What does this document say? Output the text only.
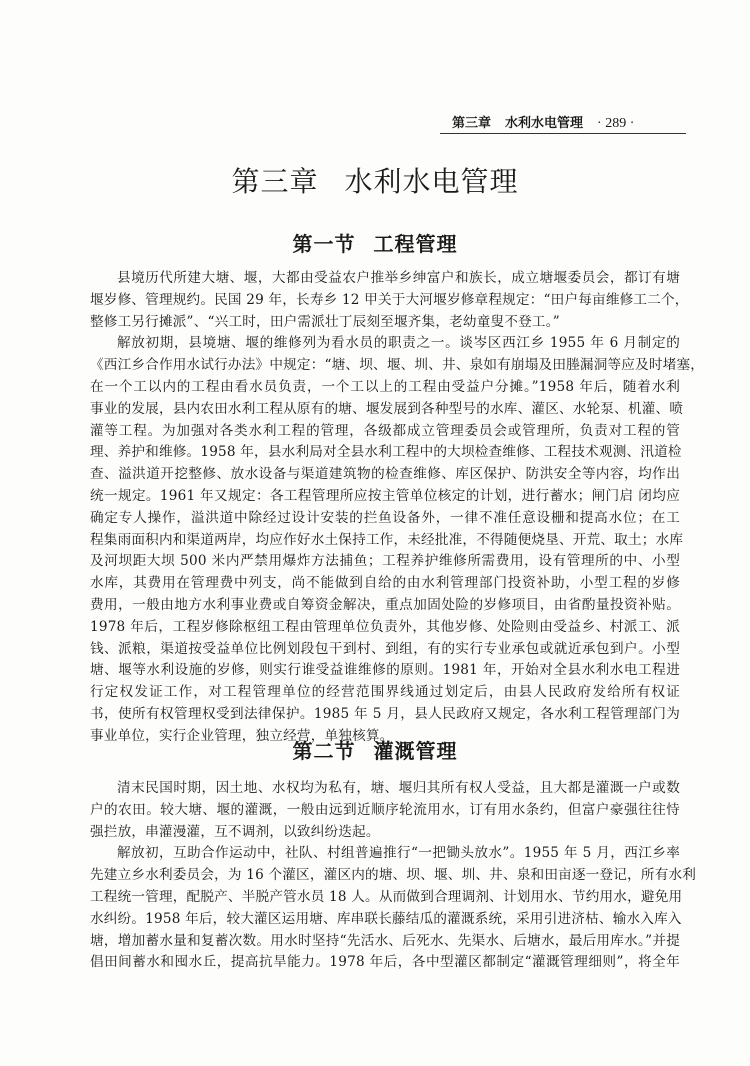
第三章 水利水电管理 · 289 ·
第三章 水利水电管理
第一节 工程管理
县境历代所建大塘、堰，大都由受益农户推举乡绅富户和族长，成立塘堰委员会，都订有塘
堰岁修、管理规约。民国 29 年，长寿乡 12 甲关于大河堰岁修章程规定：“田户每亩维修工二个，
整修工另行摊派”、“兴工时，田户需派壮丁辰刻至堰齐集，老幼童叟不登工。”
解放初期，县境塘、堰的维修列为看水员的职责之一。谈岑区西江乡 1955 年 6 月制定的
《西江乡合作用水试行办法》中规定：“塘、坝、堰、圳、井、泉如有崩塌及田塍漏洞等应及时堵塞，
在一个工以内的工程由看水员负责，一个工以上的工程由受益户分摊。”1958 年后，随着水利
事业的发展，县内农田水利工程从原有的塘、堰发展到各种型号的水库、灌区、水轮泵、机灌、喷
灌等工程。为加强对各类水利工程的管理，各级都成立管理委员会或管理所，负责对工程的管
理、养护和维修。1958 年，县水利局对全县水利工程中的大坝检查维修、工程技术观测、汛道检
查、溢洪道开挖整修、放水设备与渠道建筑物的检查维修、库区保护、防洪安全等内容，均作出
统一规定。1961 年又规定：各工程管理所应按主管单位核定的计划，进行蓄水；闸门启 闭均应
确定专人操作，溢洪道中除经过设计安装的拦鱼设备外，一律不准任意设栅和提高水位；在工
程集雨面积内和渠道两岸，均应作好水土保持工作，未经批准，不得随便烧垦、开荒、取土；水库
及河坝距大坝 500 米内严禁用爆炸方法捕鱼；工程养护维修所需费用，设有管理所的中、小型
水库，其费用在管理费中列支，尚不能做到自给的由水利管理部门投资补助，小型工程的岁修
费用，一般由地方水利事业费或自筹资金解决，重点加固处险的岁修项目，由省酌量投资补贴。
1978 年后，工程岁修除枢纽工程由管理单位负责外，其他岁修、处险则由受益乡、村派工、派
钱、派粮，渠道按受益单位比例划段包干到村、到组，有的实行专业承包或就近承包到户。小型
塘、堰等水利设施的岁修，则实行谁受益谁维修的原则。1981 年，开始对全县水利水电工程进
行定权发证工作，对工程管理单位的经营范围界线通过划定后，由县人民政府发给所有权证
书，使所有权管理权受到法律保护。1985 年 5 月，县人民政府又规定，各水利工程管理部门为
事业单位，实行企业管理，独立经营，单独核算。
第二节 灌溉管理
清末民国时期，因土地、水权均为私有，塘、堰归其所有权人受益，且大都是灌溉一户或数
户的农田。较大塘、堰的灌溉，一般由远到近顺序轮流用水，订有用水条约，但富户豪强往往恃
强拦放，串灌漫灌，互不调剂，以致纠纷迭起。
解放初，互助合作运动中，社队、村组普遍推行“一把锄头放水”。1955 年 5 月，西江乡率
先建立乡水利委员会，为 16 个灌区，灌区内的塘、坝、堰、圳、井、泉和田亩逐一登记，所有水利
工程统一管理，配脱产、半脱产管水员 18 人。从而做到合理调剂、计划用水、节约用水，避免用
水纠纷。1958 年后，较大灌区运用塘、库串联长藤结瓜的灌溉系统，采用引进济枯、输水入库入
塘，增加蓄水量和复蓄次数。用水时坚持“先活水、后死水、先渠水、后塘水，最后用库水。”并提
倡田间蓄水和囤水丘，提高抗旱能力。1978 年后，各中型灌区都制定“灌溉管理细则”，将全年
